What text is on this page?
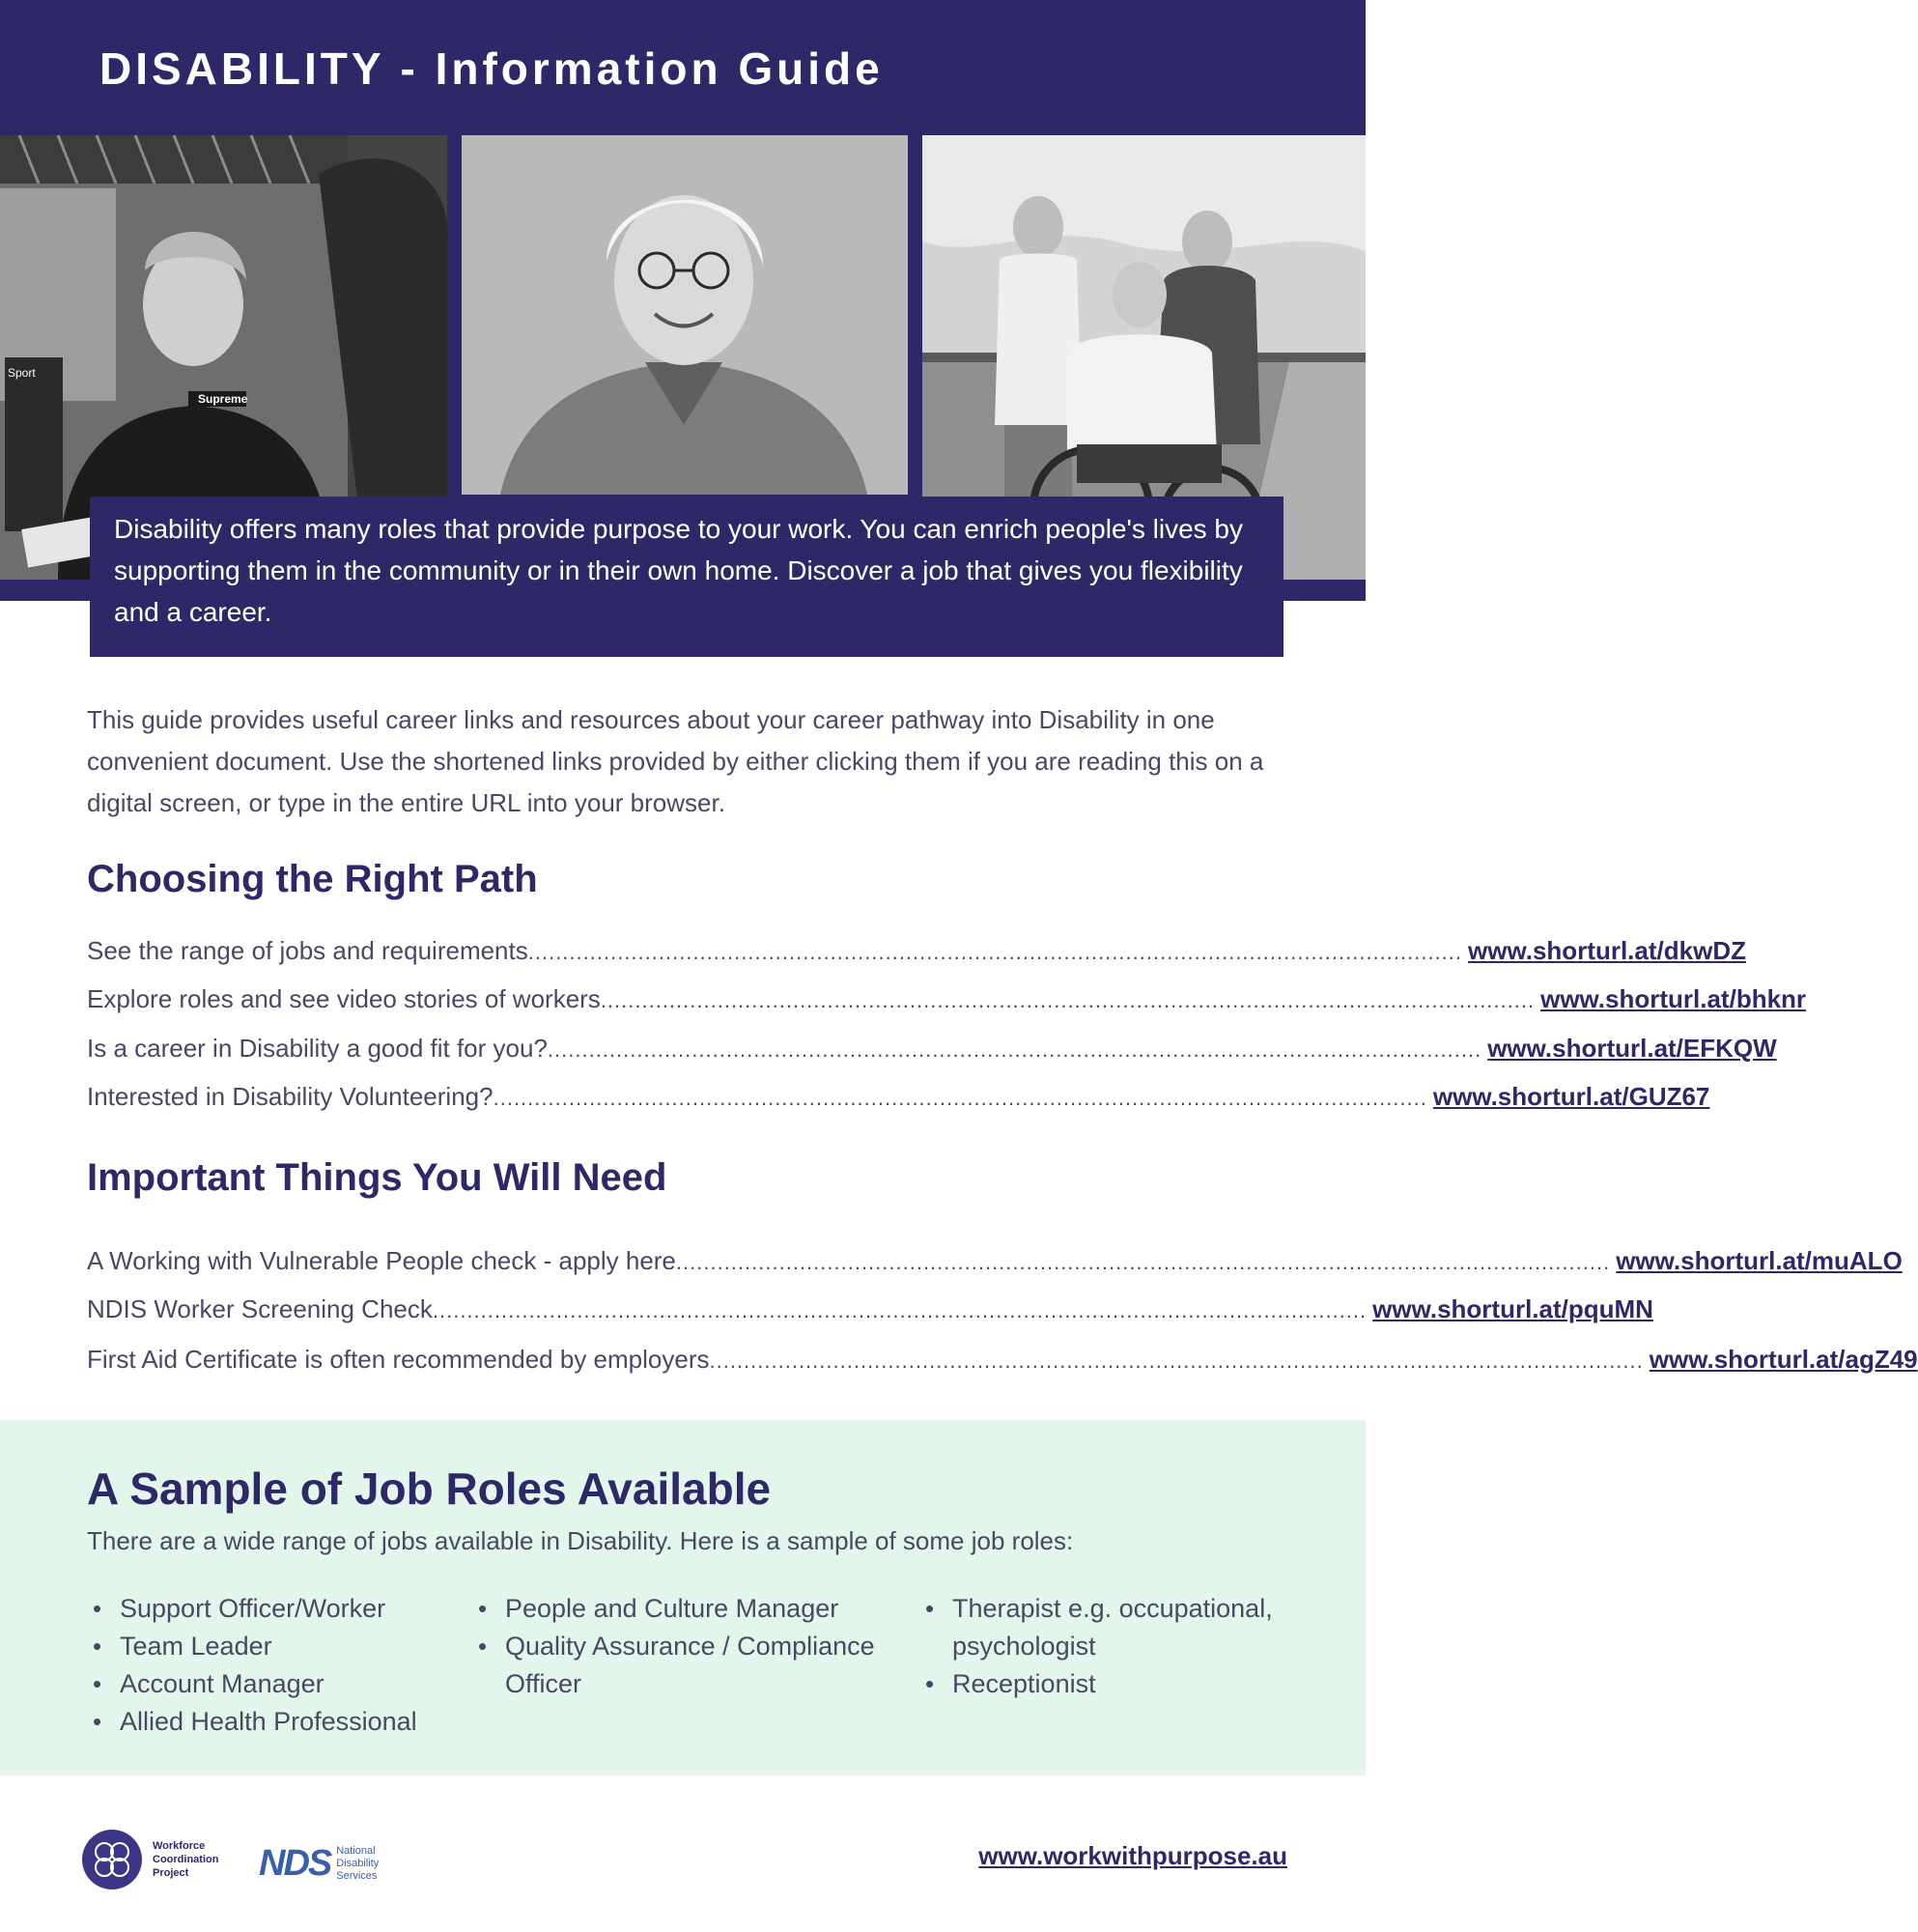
DISABILITY - Information Guide
Supreme
Sport

Disability offers many roles that provide purpose to your work. You can enrich people's lives by supporting them in the community or in their own home. Discover a job that gives you flexibility and a career.

This guide provides useful career links and resources about your career pathway into Disability in one convenient document. Use the shortened links provided by either clicking them if you are reading this on a digital screen, or type in the entire URL into your browser.

Choosing the Right Path
See the range of jobs and requirements ........................................................................................................................................ www.shorturl.at/dkwDZ
Explore roles and see video stories of workers ........................................................................................................................................ www.shorturl.at/bhknr
Is a career in Disability a good fit for you? ........................................................................................................................................ www.shorturl.at/EFKQW
Interested in Disability Volunteering? ........................................................................................................................................ www.shorturl.at/GUZ67
Important Things You Will Need
A Working with Vulnerable People check - apply here ........................................................................................................................................ www.shorturl.at/muALO
NDIS Worker Screening Check ........................................................................................................................................ www.shorturl.at/pquMN
First Aid Certificate is often recommended by employers ........................................................................................................................................ www.shorturl.at/agZ49
A Sample of Job Roles Available

There are a wide range of jobs available in Disability. Here is a sample of some job roles:

• Support Officer/Worker
• Team Leader
• Account Manager
• Allied Health Professional
• People and Culture Manager
• Quality Assurance / Compliance Officer
• Therapist e.g. occupational, psychologist
• Receptionist
Workforce
Coordination
Project	NDS National
Disability
Services
www.workwithpurpose.au
